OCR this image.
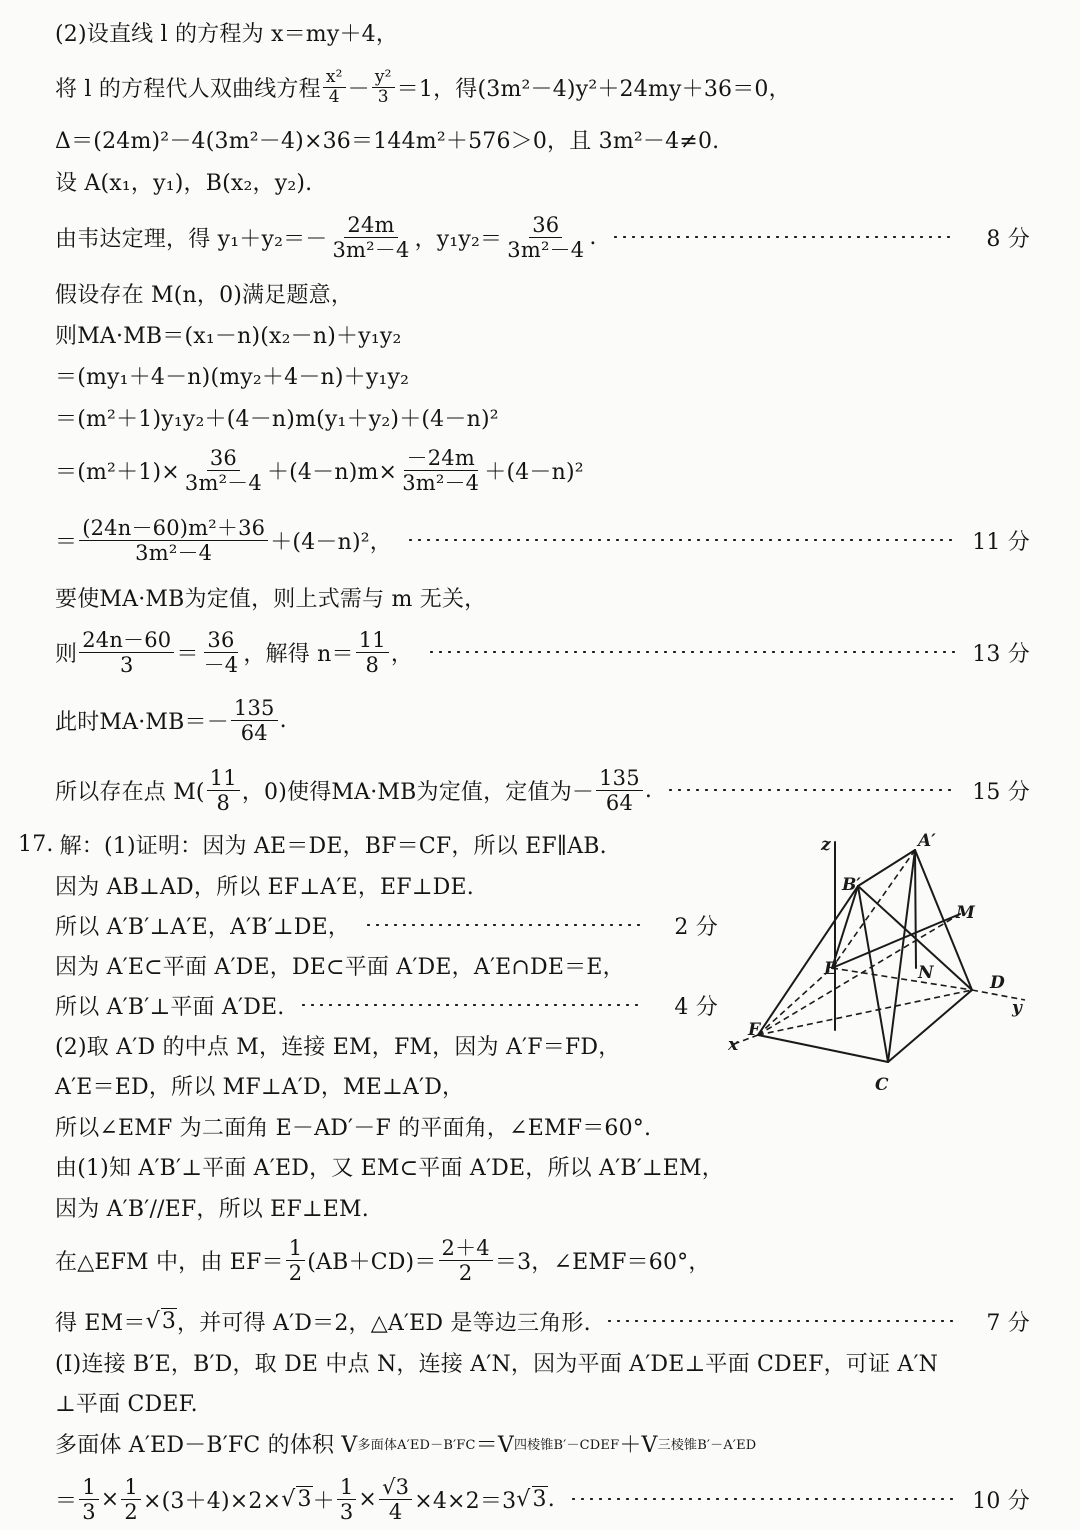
(2)设直线 l 的方程为 x＝my＋4，
将 l 的方程代人双曲线方程 $\frac{\text{x²}}{4} - \frac{\text{y²}}{3} =1$，得(3m²－4)y²＋24my＋36＝0，
Δ＝(24m)²－4(3m²－4)×36＝144m²＋576＞0，且 3m²－4≠0.
设 A(x₁，y₁)，B(x₂，y₂).
由韦达定理，得 $y_1+y_2=- \frac{24m}{\text{3m²－4}}$ ，$y_1y_2= \frac{36}{\text{3m²－4}}$ .	8 分
假设存在 M(n，0)满足题意，
则MA·MB＝(x₁－n)(x₂－n)＋y₁y₂
＝(my₁＋4－n)(my₂＋4－n)＋y₁y₂
＝(m²＋1)y₁y₂＋(4－n)m(y₁＋y₂)＋(4－n)²
$=(m^2+1)\times \frac{36}{\text{3m²－4}} +(4-n)m\times \frac{-24m}{\text{3m²－4}} +(4-n)^2$
＝ $\frac{\text{(24n－60)m²＋36}}{\text{3m²－4}} +(4-n)^2$，	11 分
要使MA·MB为定值，则上式需与 m 无关，
则 $\frac{24n-60}{3} = \frac{36}{-4}$ ，解得 $n= \frac{11}{8}$ ，	13 分
此时$MA\cdot MB=- \frac{135}{64}$ .
所以存在点 $M( \frac{11}{8}$ ，0)使得MA·MB为定值，定值为－ $\frac{135}{64}$ .	15 分
17. 解：(1)证明：因为 AE＝DE，BF＝CF，所以 EF∥AB.
因为 AB⊥AD，所以 EF⊥A′E，EF⊥DE.
所以 A′B′⊥A′E，A′B′⊥DE，	2 分
因为 A′E⊂平面 A′DE，DE⊂平面 A′DE，A′E∩DE＝E，
所以 A′B′⊥平面 A′DE.	4 分
(2)取 A′D 的中点 M，连接 EM，FM，因为 A′F＝FD，
A′E＝ED，所以 MF⊥A′D，ME⊥A′D，
所以∠EMF 为二面角 E－AD′－F 的平面角，∠EMF＝60°.
由(1)知 A′B′⊥平面 A′ED，又 EM⊂平面 A′DE，所以 A′B′⊥EM，
因为 A′B′//EF，所以 EF⊥EM.
在△EFM 中，由 $EF= \frac{1}{2} (AB+CD)= \frac{2+4}{2} =3$，∠EMF＝60°，
得 EM＝ √ 3 ，并可得 A′D＝2，△A′ED 是等边三角形.	7 分
(Ⅰ)连接 B′E，B′D，取 DE 中点 N，连接 A′N，因为平面 A′DE⊥平面 CDEF，可证 A′N
⊥平面 CDEF.
多面体 A′ED－B′FC 的体积 V 多面体A′ED－B′FC ＝V 四棱锥B′－CDEF ＋V 三棱锥B′－A′ED
＝ $\frac{1}{3} \times \frac{1}{2} \times(3+4)\times 2\times$ √ $3 + \frac{1}{3} \times \frac{√3}{4} \times 4\times 2=3$ √ 3 .	10 分
z	A′
B′
M
E	N	D
y
F
x
C
